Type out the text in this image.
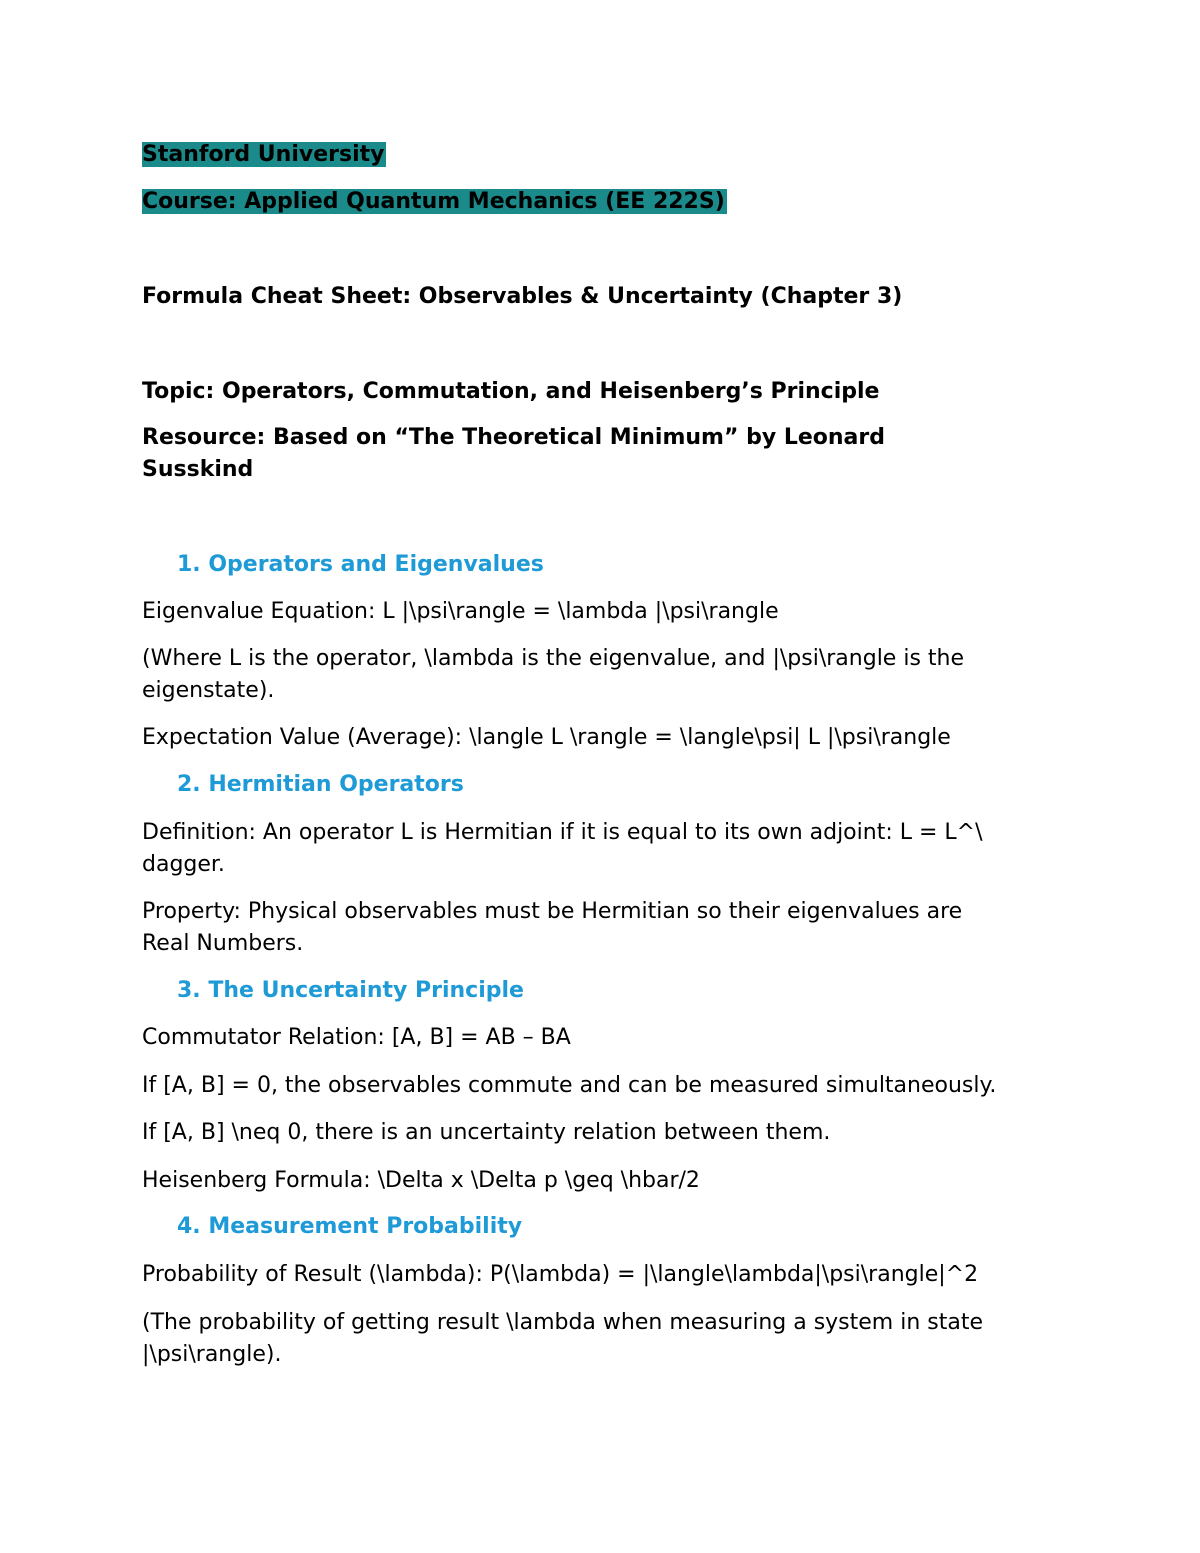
Stanford University
Course: Applied Quantum Mechanics (EE 222S)
Formula Cheat Sheet: Observables & Uncertainty (Chapter 3)
Topic: Operators, Commutation, and Heisenberg’s Principle
Resource: Based on “The Theoretical Minimum” by Leonard
Susskind
1. Operators and Eigenvalues
Eigenvalue Equation: L |\psi\rangle = \lambda |\psi\rangle
(Where L is the operator, \lambda is the eigenvalue, and |\psi\rangle is the
eigenstate).
Expectation Value (Average): \langle L \rangle = \langle\psi| L |\psi\rangle
2. Hermitian Operators
Definition: An operator L is Hermitian if it is equal to its own adjoint: L = L^\
dagger.
Property: Physical observables must be Hermitian so their eigenvalues are
Real Numbers.
3. The Uncertainty Principle
Commutator Relation: [A, B] = AB – BA
If [A, B] = 0, the observables commute and can be measured simultaneously.
If [A, B] \neq 0, there is an uncertainty relation between them.
Heisenberg Formula: \Delta x \Delta p \geq \hbar/2
4. Measurement Probability
Probability of Result (\lambda): P(\lambda) = |\langle\lambda|\psi\rangle|^2
(The probability of getting result \lambda when measuring a system in state
|\psi\rangle).
